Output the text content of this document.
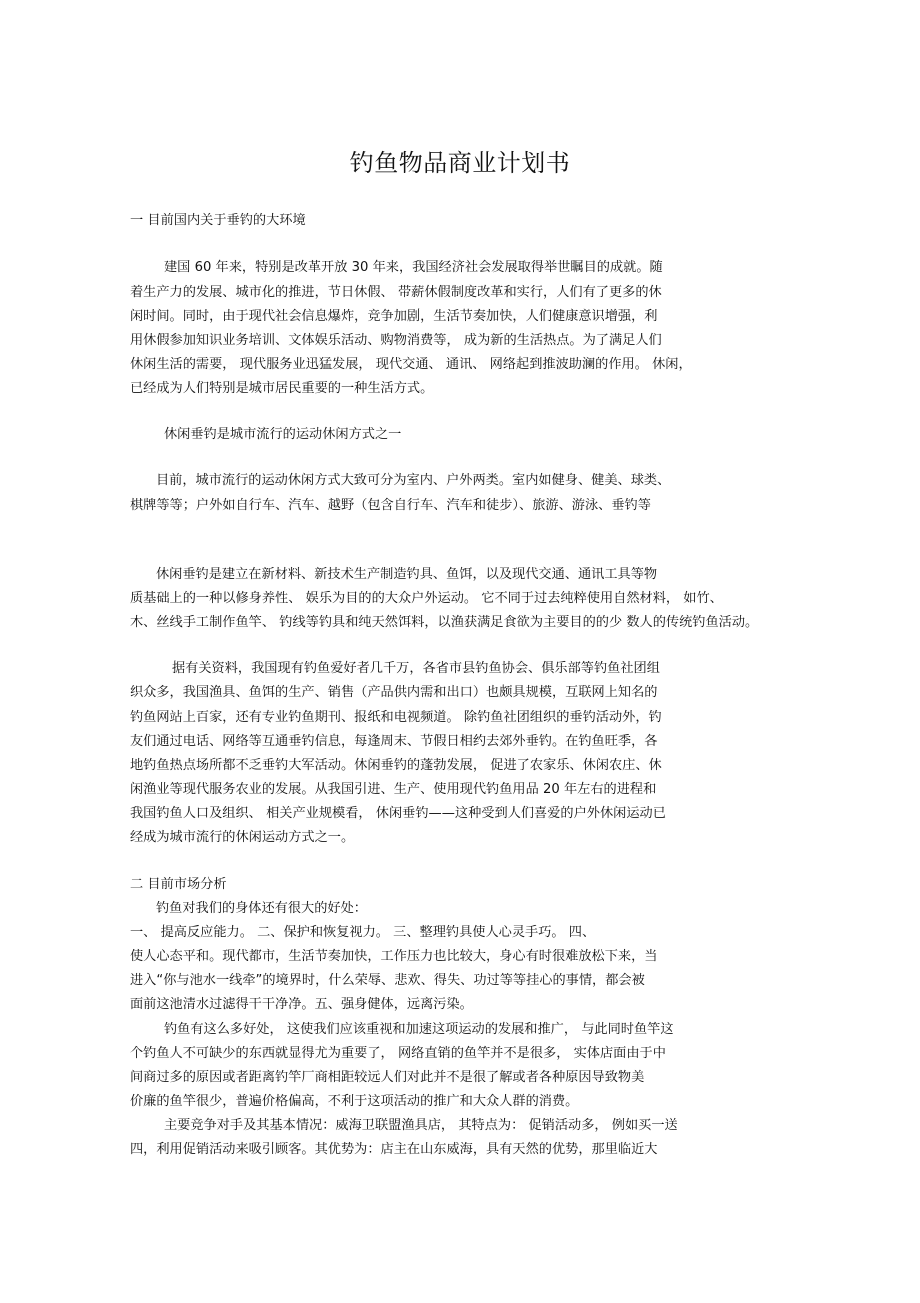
钓鱼物品商业计划书
一 目前国内关于垂钓的大环境
建国 60 年来，特别是改革开放 30 年来，我国经济社会发展取得举世瞩目的成就。随
着生产力的发展、城市化的推进，节日休假、 带薪休假制度改革和实行，人们有了更多的休
闲时间。同时，由于现代社会信息爆炸，竞争加剧，生活节奏加快，人们健康意识增强，利
用休假参加知识业务培训、文体娱乐活动、购物消费等， 成为新的生活热点。为了满足人们
休闲生活的需要， 现代服务业迅猛发展， 现代交通、 通讯、 网络起到推波助澜的作用。 休闲，
已经成为人们特别是城市居民重要的一种生活方式。
休闲垂钓是城市流行的运动休闲方式之一
目前，城市流行的运动休闲方式大致可分为室内、户外两类。室内如健身、健美、球类、
棋牌等等；户外如自行车、汽车、越野（包含自行车、汽车和徒步）、旅游、游泳、垂钓等
休闲垂钓是建立在新材料、新技术生产制造钓具、鱼饵，以及现代交通、通讯工具等物
质基础上的一种以修身养性、 娱乐为目的的大众户外运动。 它不同于过去纯粹使用自然材料， 如竹、
木、丝线手工制作鱼竿、 钓线等钓具和纯天然饵料，以渔获满足食欲为主要目的的少 数人的传统钓鱼活动。
据有关资料，我国现有钓鱼爱好者几千万，各省市县钓鱼协会、俱乐部等钓鱼社团组
织众多，我国渔具、鱼饵的生产、销售（产品供内需和出口）也颇具规模，互联网上知名的
钓鱼网站上百家，还有专业钓鱼期刊、报纸和电视频道。 除钓鱼社团组织的垂钓活动外，钓
友们通过电话、网络等互通垂钓信息，每逢周末、节假日相约去郊外垂钓。在钓鱼旺季，各
地钓鱼热点场所都不乏垂钓大军活动。休闲垂钓的蓬勃发展， 促进了农家乐、休闲农庄、休
闲渔业等现代服务农业的发展。从我国引进、生产、使用现代钓鱼用品 20 年左右的进程和
我国钓鱼人口及组织、 相关产业规模看， 休闲垂钓——这种受到人们喜爱的户外休闲运动已
经成为城市流行的休闲运动方式之一。
二 目前市场分析
钓鱼对我们的身体还有很大的好处：
一、 提高反应能力。 二、保护和恢复视力。 三、整理钓具使人心灵手巧。 四、
使人心态平和。现代都市，生活节奏加快，工作压力也比较大，身心有时很难放松下来，当
进入“你与池水一线牵”的境界时，什么荣辱、悲欢、得失、功过等等挂心的事情，都会被
面前这池清水过滤得干干净净。五、强身健体，远离污染。
钓鱼有这么多好处， 这使我们应该重视和加速这项运动的发展和推广， 与此同时鱼竿这
个钓鱼人不可缺少的东西就显得尤为重要了， 网络直销的鱼竿并不是很多， 实体店面由于中
间商过多的原因或者距离钓竿厂商相距较远人们对此并不是很了解或者各种原因导致物美
价廉的鱼竿很少，普遍价格偏高，不利于这项活动的推广和大众人群的消费。
主要竞争对手及其基本情况：威海卫联盟渔具店， 其特点为： 促销活动多， 例如买一送
四，利用促销活动来吸引顾客。其优势为：店主在山东威海，具有天然的优势，那里临近大
